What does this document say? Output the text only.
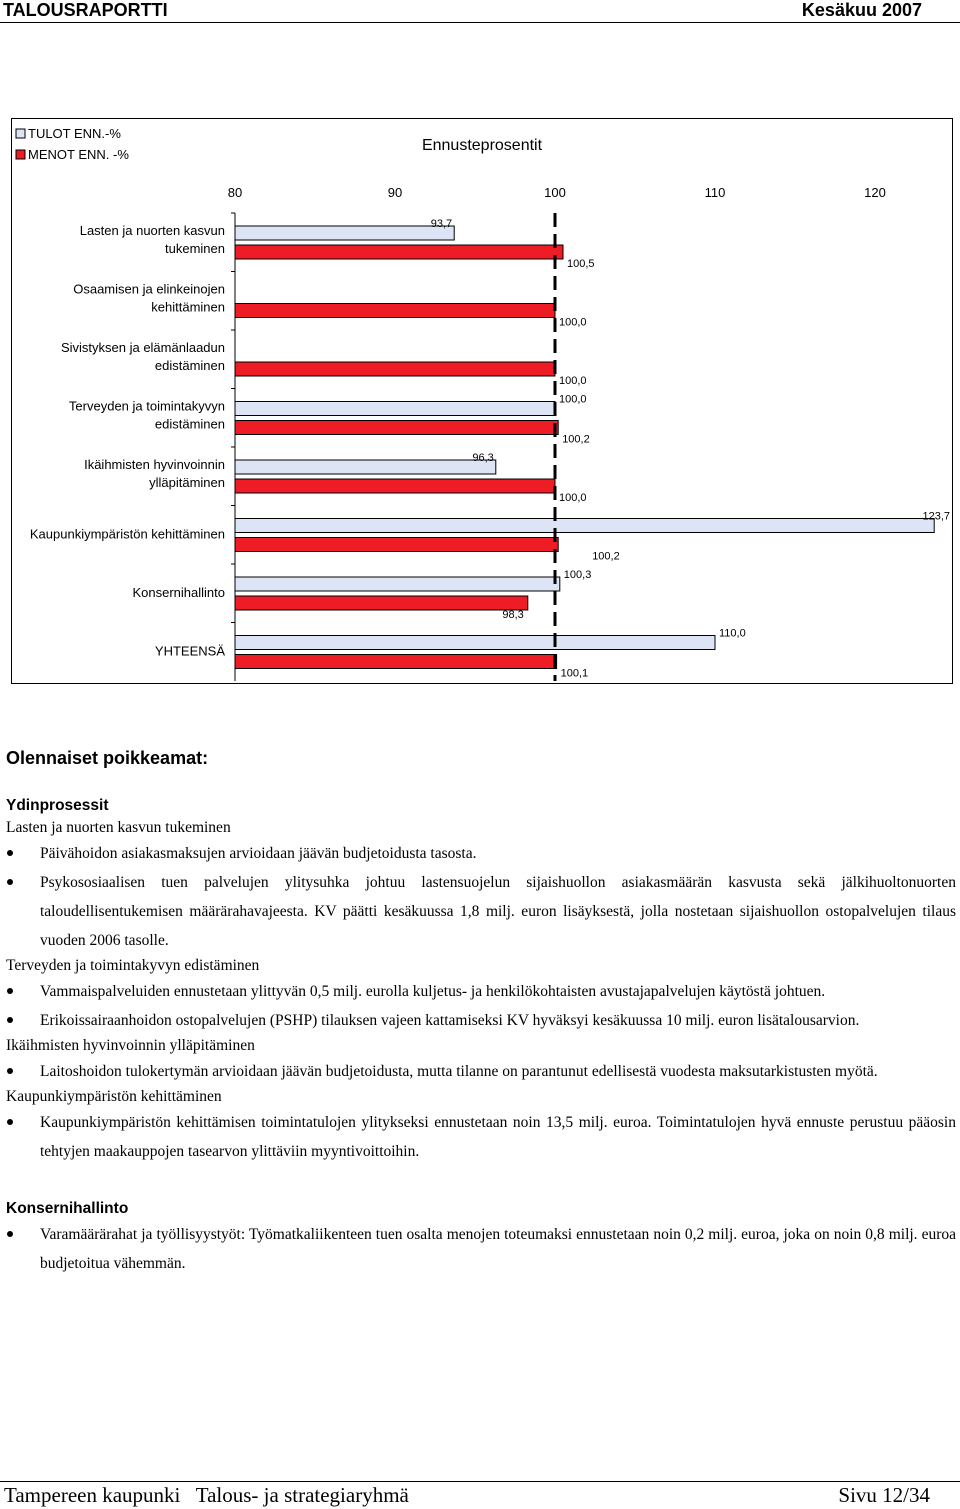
TALOUSRAPORTTI	Kesäkuu 2007
TULOT ENN.-%
MENOT ENN. -%
Ennusteprosentit
80	90	100	110	120
Lasten ja nuorten kasvun
tukeminen
93,7
100,5
Osaamisen ja elinkeinojen
kehittäminen
100,0
Sivistyksen ja elämänlaadun
edistäminen
100,0
Terveyden ja toimintakyvyn
edistäminen
100,0
100,2
Ikäihmisten hyvinvoinnin
ylläpitäminen
96,3
100,0
Kaupunkiympäristön kehittäminen
123,7
100,2
Konsernihallinto
100,3
98,3
YHTEENSÄ
110,0
100,1
Olennaiset poikkeamat:

Ydinprosessit

Lasten ja nuorten kasvun tukeminen

Päivähoidon asiakasmaksujen arvioidaan jäävän budjetoidusta tasosta.
Psykososiaalisen tuen palvelujen ylitysuhka johtuu lastensuojelun sijaishuollon asiakasmäärän kasvusta sekä jälkihuoltonuorten taloudellisentukemisen määrärahavajeesta. KV päätti kesäkuussa 1,8 milj. euron lisäyksestä, jolla nostetaan sijaishuollon ostopalvelujen tilaus vuoden 2006 tasolle.

Terveyden ja toimintakyvyn edistäminen

Vammaispalveluiden ennustetaan ylittyvän 0,5 milj. eurolla kuljetus- ja henkilökohtaisten avustajapalvelujen käytöstä johtuen.
Erikoissairaanhoidon ostopalvelujen (PSHP) tilauksen vajeen kattamiseksi KV hyväksyi kesäkuussa 10 milj. euron lisätalousarvion.

Ikäihmisten hyvinvoinnin ylläpitäminen

Laitoshoidon tulokertymän arvioidaan jäävän budjetoidusta, mutta tilanne on parantunut edellisestä vuodesta maksutarkistusten myötä.

Kaupunkiympäristön kehittäminen

Kaupunkiympäristön kehittämisen toimintatulojen ylitykseksi ennustetaan noin 13,5 milj. euroa. Toimintatulojen hyvä ennuste perustuu pääosin tehtyjen maakauppojen tasearvon ylittäviin myyntivoittoihin.

Konsernihallinto

Varamäärärahat ja työllisyystyöt: Työmatkaliikenteen tuen osalta menojen toteumaksi ennustetaan noin 0,2 milj. euroa, joka on noin 0,8 milj. euroa budjetoitua vähemmän.
Tampereen kaupunki   Talous- ja strategiaryhmä	Sivu 12/34
